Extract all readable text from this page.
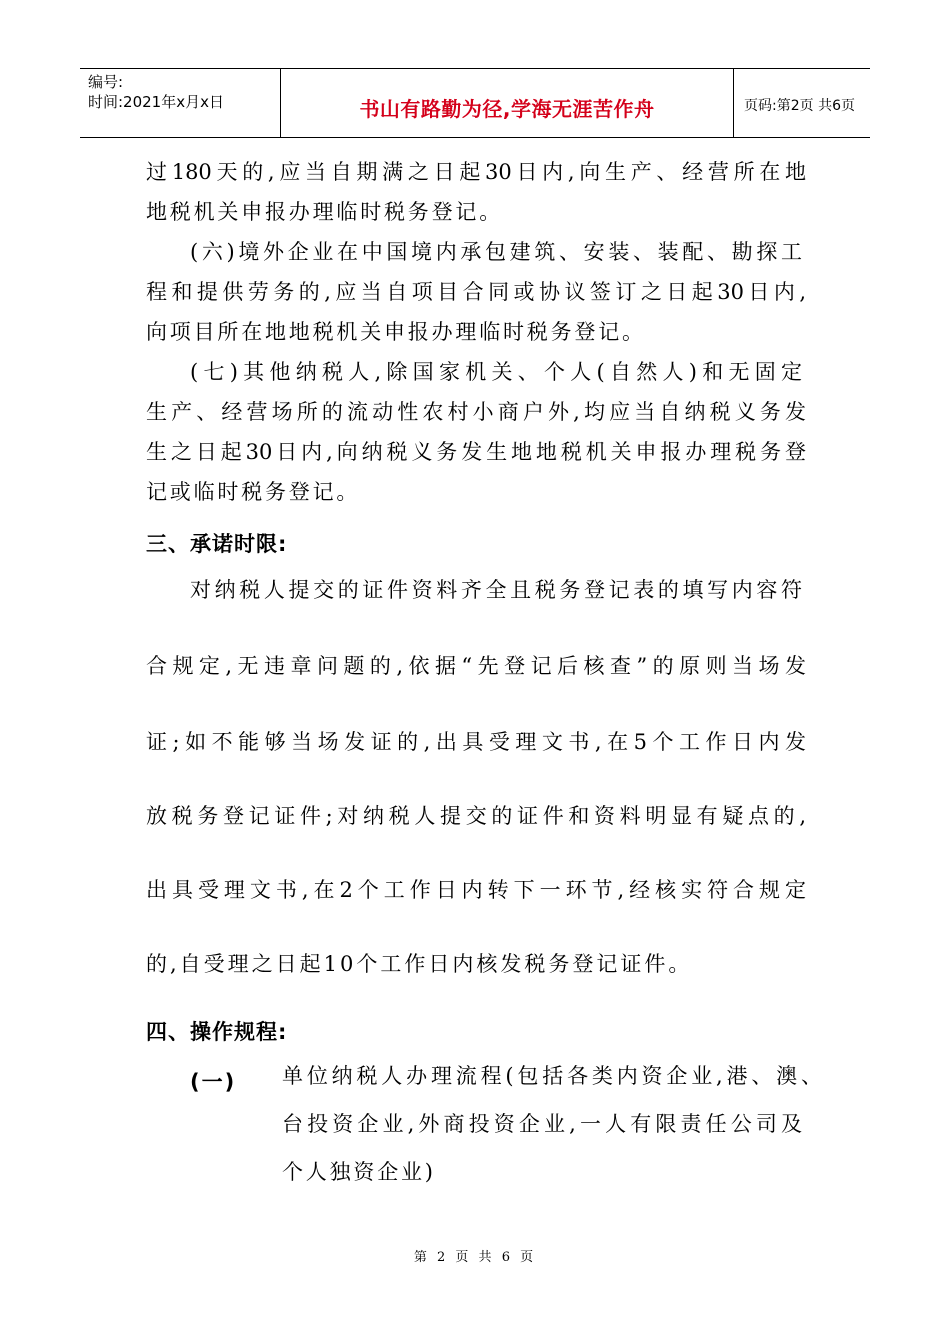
编号:
时间:2021年x月x日	书山有路勤为径,学海无涯苦作舟	页码:第2页 共6页
过180天的,应当自期满之日起30日内,向生产、经营所在地
地税机关申报办理临时税务登记。
(六)境外企业在中国境内承包建筑、安装、装配、勘探工
程和提供劳务的,应当自项目合同或协议签订之日起30日内,
向项目所在地地税机关申报办理临时税务登记。
(七)其他纳税人,除国家机关、个人(自然人)和无固定
生产、经营场所的流动性农村小商户外,均应当自纳税义务发
生之日起30日内,向纳税义务发生地地税机关申报办理税务登
记或临时税务登记。
三、承诺时限:
对纳税人提交的证件资料齐全且税务登记表的填写内容符
合规定,无违章问题的,依据“先登记后核查”的原则当场发
证;如不能够当场发证的,出具受理文书,在5个工作日内发
放税务登记证件;对纳税人提交的证件和资料明显有疑点的,
出具受理文书,在2个工作日内转下一环节,经核实符合规定
的,自受理之日起10个工作日内核发税务登记证件。
四、操作规程:
(一) 单位纳税人办理流程(包括各类内资企业,港、澳、
台投资企业,外商投资企业,一人有限责任公司及
个人独资企业)
第 2 页 共 6 页
